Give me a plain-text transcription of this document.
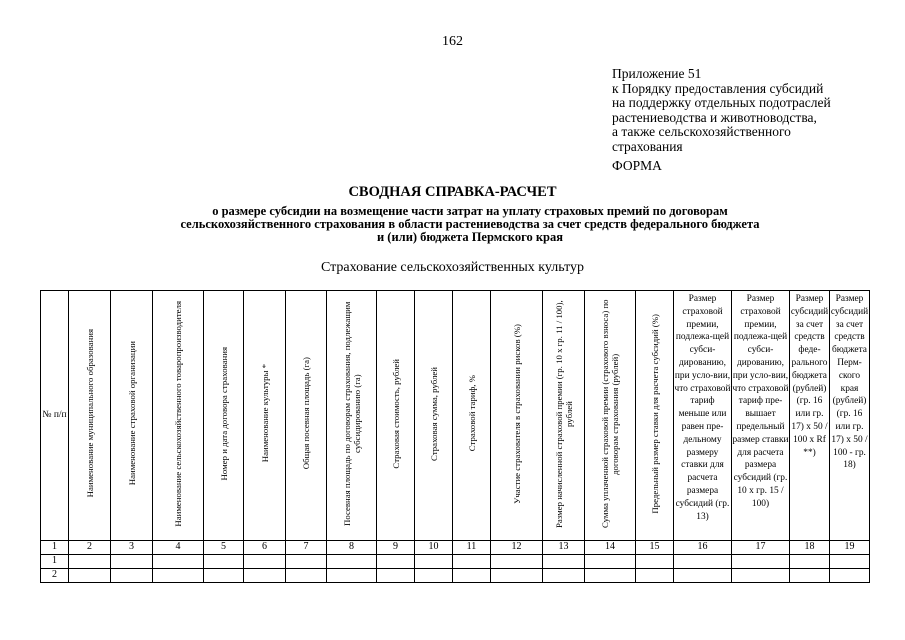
162
Приложение 51
к Порядку предоставления субсидий
на поддержку отдельных подотраслей
растениеводства и животноводства,
а также сельскохозяйственного
страхования
ФОРМА
СВОДНАЯ СПРАВКА-РАСЧЕТ
о размере субсидии на возмещение части затрат на уплату страховых премий по договорам
сельскохозяйственного страхования в области растениеводства за счет средств федерального бюджета
и (или) бюджета Пермского края
Страхование сельскохозяйственных культур
№ п/п	Наименование муниципального образования	Наименование страховой организации	Наименование сельскохозяйственного товаропроизводителя	Номер и дата договора страхования	Наименование культуры *	Общая посевная площадь (га)	Посевная площадь по договорам страхования, подлежащим субсидированию (га)	Страховая стоимость, рублей	Страховая сумма, рублей	Страховой тариф, %	Участие страхователя в страховании рисков (%)	Размер начисленной страховой премии (гр. 10 х гр. 11 / 100), рублей	Сумма уплаченной страховой премии (страхового взноса) по договорам страхования (рублей)	Предельный размер ставки для расчета субсидий (%)	Размер страховой премии, подлежа-щей субси-дированию, при усло-вии, что страховой тариф меньше или равен пре-дельному размеру ставки для расчета размера субсидий (гр. 13)	Размер страховой премии, подлежа-щей субси-дированию, при усло-вии, что страховой тариф пре-вышает предельный размер ставки для расчета размера субсидий (гр. 10 х гр. 15 / 100)	Размер субсидий за счет средств феде-рального бюджета (рублей) (гр. 16 или гр. 17) х 50 / 100 х Rf **)	Размер субсидий за счет средств бюджета Перм-ского края (рублей) (гр. 16 или гр. 17) х 50 / 100 - гр. 18)

1	2	3	4	5	6	7	8	9	10	11	12	13	14	15	16	17	18	19
1																		
2																		
